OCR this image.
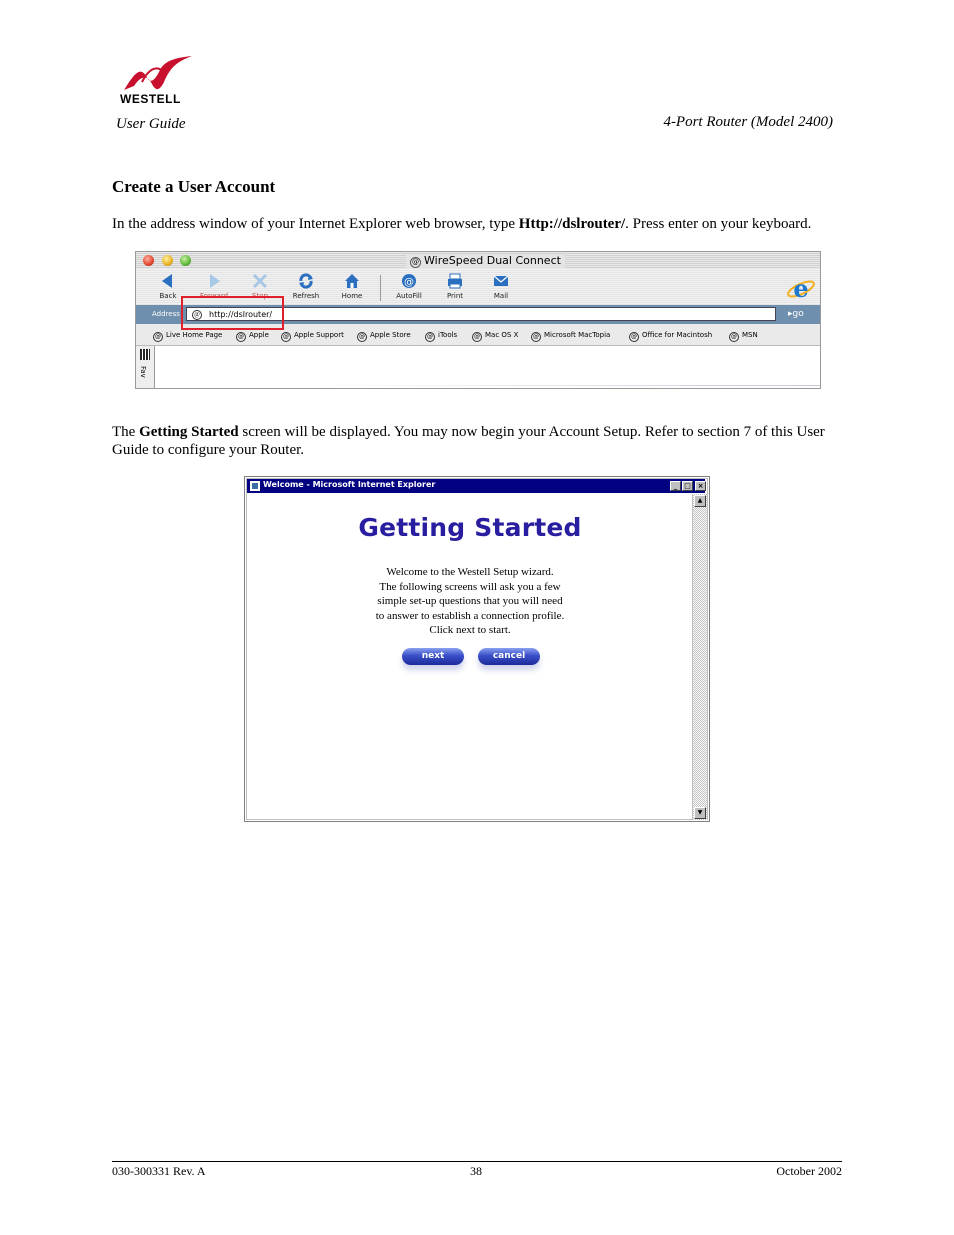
WESTELL
User Guide	4-Port Router (Model 2400)
Create a User Account
In the address window of your Internet Explorer web browser, type Http://dslrouter/. Press enter on your keyboard.
@ WireSpeed Dual Connect
Back	Forward	Stop	Refresh	Home
@
AutoFill	Print	Mail	e
Address	http://dslrouter/
@	▸go
@ Live Home Page	@ Apple	@ Apple Support	@ Apple Store	@ iTools	@ Mac OS X	@ Microsoft MacTopia	@ Office for Macintosh	@ MSN
Fav
The Getting Started screen will be displayed. You may now begin your Account Setup. Refer to section 7 of this User Guide to configure your Router.
Welcome - Microsoft Internet Explorer	_ □ ×
▲
▼
Getting Started
Welcome to the Westell Setup wizard.
The following screens will ask you a few
simple set-up questions that you will need
to answer to establish a connection profile.
Click next to start.
next	cancel
030-300331 Rev. A	38	October 2002
